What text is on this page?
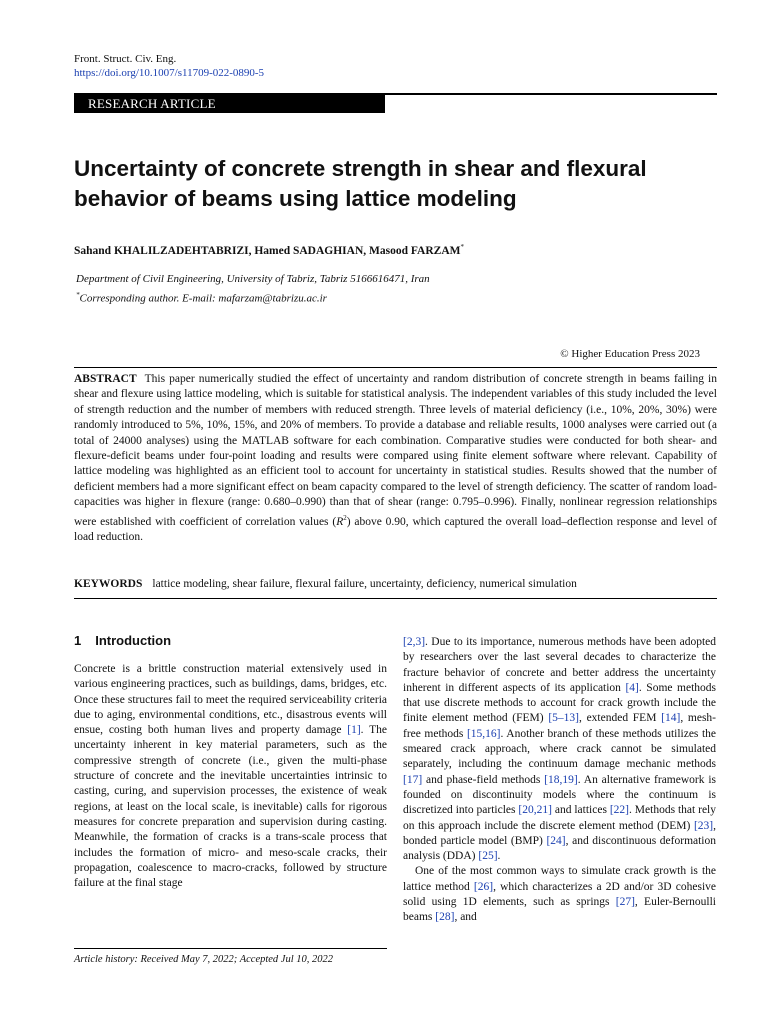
Front. Struct. Civ. Eng.
https://doi.org/10.1007/s11709-022-0890-5
RESEARCH ARTICLE
Uncertainty of concrete strength in shear and flexural behavior of beams using lattice modeling
Sahand KHALILZADEHTABRIZI, Hamed SADAGHIAN, Masood FARZAM*
Department of Civil Engineering, University of Tabriz, Tabriz 5166616471, Iran
*Corresponding author. E-mail: mafarzam@tabrizu.ac.ir
© Higher Education Press 2023
ABSTRACT This paper numerically studied the effect of uncertainty and random distribution of concrete strength in beams failing in shear and flexure using lattice modeling, which is suitable for statistical analysis. The independent variables of this study included the level of strength reduction and the number of members with reduced strength. Three levels of material deficiency (i.e., 10%, 20%, 30%) were randomly introduced to 5%, 10%, 15%, and 20% of members. To provide a database and reliable results, 1000 analyses were carried out (a total of 24000 analyses) using the MATLAB software for each combination. Comparative studies were conducted for both shear- and flexure-deficit beams under four-point loading and results were compared using finite element software where relevant. Capability of lattice modeling was highlighted as an efficient tool to account for uncertainty in statistical studies. Results showed that the number of deficient members had a more significant effect on beam capacity compared to the level of strength deficiency. The scatter of random load-capacities was higher in flexure (range: 0.680–0.990) than that of shear (range: 0.795–0.996). Finally, nonlinear regression relationships were established with coefficient of correlation values $(R^2)$ above 0.90, which captured the overall load–deflection response and level of load reduction.
KEYWORDS lattice modeling, shear failure, flexural failure, uncertainty, deficiency, numerical simulation
1 Introduction

Concrete is a brittle construction material extensively used in various engineering practices, such as buildings, dams, bridges, etc. Once these structures fail to meet the required serviceability criteria due to aging, environmental conditions, etc., disastrous events will ensue, costing both human lives and property damage [1]. The uncertainty inherent in key material parameters, such as the compressive strength of concrete (i.e., given the multi-phase structure of concrete and the inevitable uncertainties intrinsic to casting, curing, and supervision processes, the existence of weak regions, at least on the local scale, is inevitable) calls for rigorous measures for concrete preparation and supervision during casting. Meanwhile, the formation of cracks is a trans-scale process that includes the formation of micro- and meso-scale cracks, their propagation, coalescence to macro-cracks, followed by structure failure at the final stage

[2,3]. Due to its importance, numerous methods have been adopted by researchers over the last several decades to characterize the fracture behavior of concrete and better address the uncertainty inherent in different aspects of its application [4]. Some methods that use discrete methods to account for crack growth include the finite element method (FEM) [5–13], extended FEM [14], mesh-free methods [15,16]. Another branch of these methods utilizes the smeared crack approach, where crack cannot be simulated separately, including the continuum damage mechanic methods [17] and phase-field methods [18,19]. An alternative framework is founded on discontinuity models where the continuum is discretized into particles [20,21] and lattices [22]. Methods that rely on this approach include the discrete element method (DEM) [23], bonded particle model (BMP) [24], and discontinuous deformation analysis (DDA) [25].

One of the most common ways to simulate crack growth is the lattice method [26], which characterizes a 2D and/or 3D cohesive solid using 1D elements, such as springs [27], Euler-Bernoulli beams [28], and

Article history: Received May 7, 2022; Accepted Jul 10, 2022
